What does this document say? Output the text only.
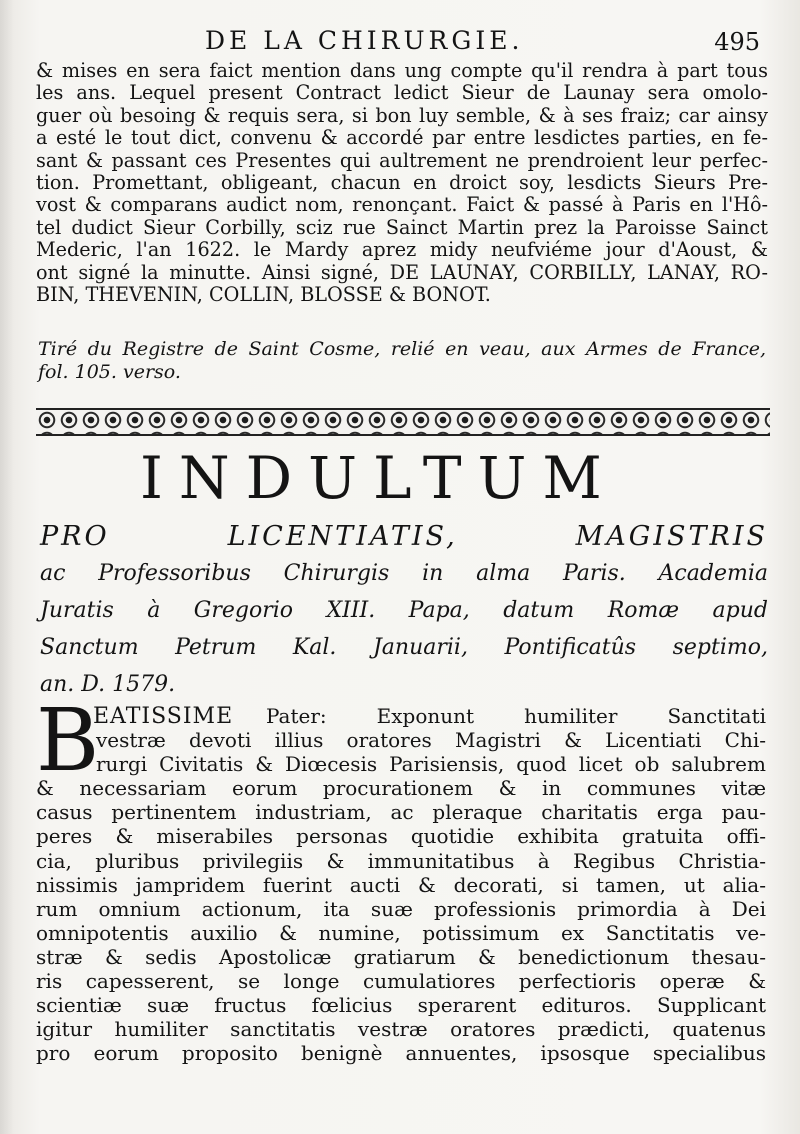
DE LA CHIRURGIE.	495
& mises en sera faict mention dans ung compte qu'il rendra à part tous
les ans. Lequel present Contract ledict Sieur de Launay sera omolo-
guer où besoing & requis sera, si bon luy semble, & à ses fraiz; car ainsy
a esté le tout dict, convenu & accordé par entre lesdictes parties, en fe-
sant & passant ces Presentes qui aultrement ne prendroient leur perfec-
tion. Promettant, obligeant, chacun en droict soy, lesdicts Sieurs Pre-
vost & comparans audict nom, renonçant. Faict & passé à Paris en l'Hô-
tel dudict Sieur Corbilly, sciz rue Sainct Martin prez la Paroisse Sainct
Mederic, l'an 1622. le Mardy aprez midy neufviéme jour d'Aoust, &
ont signé la minutte. Ainsi signé, DE LAUNAY, CORBILLY, LANAY, RO-
BIN, THEVENIN, COLLIN, BLOSSE & BONOT.
Tiré du Registre de Saint Cosme, relié en veau, aux Armes de France,
fol. 105. verso.
INDULTUM
PRO LICENTIATIS, MAGISTRIS
ac Professoribus Chirurgis in alma Paris. Academia
Juratis à Gregorio XIII. Papa, datum Romæ apud
Sanctum Petrum Kal. Januarii, Pontificatûs septimo,
an. D. 1579.
B
EATISSIME	Pater: Exponunt humiliter Sanctitati
vestræ devoti illius oratores Magistri & Licentiati Chi-
rurgi Civitatis & Diœcesis Parisiensis, quod licet ob salubrem
& necessariam eorum procurationem & in communes vitæ
casus pertinentem industriam, ac pleraque charitatis erga pau-
peres & miserabiles personas quotidie exhibita gratuita offi-
cia, pluribus privilegiis & immunitatibus à Regibus Christia-
nissimis jampridem fuerint aucti & decorati, si tamen, ut alia-
rum omnium actionum, ita suæ professionis primordia à Dei
omnipotentis auxilio & numine, potissimum ex Sanctitatis ve-
stræ & sedis Apostolicæ gratiarum & benedictionum thesau-
ris capesserent, se longe cumulatiores perfectioris operæ &
scientiæ suæ fructus fœlicius sperarent edituros. Supplicant
igitur humiliter sanctitatis vestræ oratores prædicti, quatenus
pro eorum proposito benignè annuentes, ipsosque specialibus
